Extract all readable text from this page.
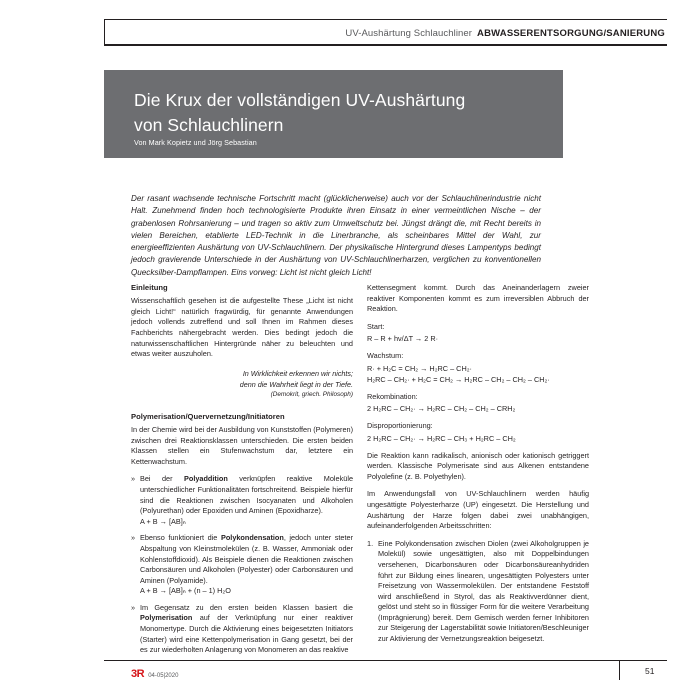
UV-Aushärtung Schlauchliner ABWASSERENTSORGUNG/SANIERUNG
Die Krux der vollständigen UV-Aushärtung
von Schlauchlinern
Von Mark Kopietz und Jörg Sebastian
Der rasant wachsende technische Fortschritt macht (glücklicherweise) auch vor der Schlauchlinerindustrie nicht Halt. Zunehmend finden hoch technologisierte Produkte ihren Einsatz in einer vermeintlichen Nische – der grabenlosen Rohrsanierung – und tragen so aktiv zum Umweltschutz bei. Jüngst drängt die, mit Recht bereits in vielen Bereichen, etablierte LED-Technik in die Linerbranche, als scheinbares Mittel der Wahl, zur energieeffizienten Aushärtung von UV-Schlauchlinern. Der physikalische Hintergrund dieses Lampentyps bedingt jedoch gravierende Unterschiede in der Aushärtung von UV-Schlauchlinerharzen, verglichen zu konventionellen Quecksilber-Dampflampen. Eins vorweg: Licht ist nicht gleich Licht!
Einleitung

Wissenschaftlich gesehen ist die aufgestellte These „Licht ist nicht gleich Licht!“ natürlich fragwürdig, für genannte Anwendungen jedoch vollends zutreffend und soll Ihnen im Rahmen dieses Fachberichts nähergebracht werden. Dies bedingt jedoch die naturwissenschaftlichen Hintergründe näher zu beleuchten und etwas weiter auszuholen.

In Wirklichkeit erkennen wir nichts;
denn die Wahrheit liegt in der Tiefe.
(Demokrit, griech. Philosoph)
Polymerisation/Quervernetzung/Initiatoren

In der Chemie wird bei der Ausbildung von Kunststoffen (Polymeren) zwischen drei Reaktionsklassen unterschieden. Die ersten beiden Klassen stellen ein Stufenwachstum dar, letztere ein Kettenwachstum.

» Bei der Polyaddition verknüpfen reaktive Moleküle unterschiedlicher Funktionalitäten fortschreitend. Beispiele hierfür sind die Reaktionen zwischen Isocyanaten und Alkoholen (Polyurethan) oder Epoxiden und Aminen (Epoxidharze).
A + B → [AB]ₙ
» Ebenso funktioniert die Polykondensation, jedoch unter steter Abspaltung von Kleinstmolekülen (z. B. Wasser, Ammoniak oder Kohlenstoffdioxid). Als Beispiele dienen die Reaktionen zwischen Carbonsäuren und Alkoholen (Polyester) oder Carbonsäuren und Aminen (Polyamide).
A + B → [AB]ₙ + (n – 1) H₂O
» Im Gegensatz zu den ersten beiden Klassen basiert die Polymerisation auf der Verknüpfung nur einer reaktiver Monomertype. Durch die Aktivierung eines beigesetzten Initiators (Starter) wird eine Kettenpolymerisation in Gang gesetzt, bei der es zur wiederholten Anlagerung von Monomeren an das reaktive

Kettensegment kommt. Durch das Aneinanderlagern zweier reaktiver Komponenten kommt es zum irreversiblen Abbruch der Reaktion.

Start:

R – R + hν/ΔT → 2 R·

Wachstum:

R· + H₂C = CH₂ → H₂RC – CH₂·
H₂RC – CH₂· + H₂C = CH₂ → H₂RC – CH₂ – CH₂ – CH₂·

Rekombination:

2 H₂RC – CH₂· → H₂RC – CH₂ – CH₂ – CRH₂

Disproportionierung:

2 H₂RC – CH₂· → H₂RC – CH₃ + H₂RC – CH₂

Die Reaktion kann radikalisch, anionisch oder kationisch getriggert werden. Klassische Polymerisate sind aus Alkenen entstandene Polyolefine (z. B. Polyethylen).

Im Anwendungsfall von UV-Schlauchlinern werden häufig ungesättigte Polyesterharze (UP) eingesetzt. Die Herstellung und Aushärtung der Harze folgen dabei zwei unabhängigen, aufeinanderfolgenden Arbeitsschritten:

Eine Polykondensation zwischen Diolen (zwei Alkoholgruppen je Molekül) sowie ungesättigten, also mit Doppelbindungen versehenen, Dicarbonsäuren oder Dicarbonsäureanhydriden führt zur Bildung eines linearen, ungesättigten Polyesters unter Freisetzung von Wassermolekülen. Der entstandene Feststoff wird anschließend in Styrol, das als Reaktivverdünner dient, gelöst und steht so in flüssiger Form für die weitere Verarbeitung (Imprägnierung) bereit. Dem Gemisch werden ferner Inhibitoren zur Steigerung der Lagerstabilität sowie Initiatoren/Beschleuniger zur Aktivierung der Vernetzungsreaktion beigesetzt.
3R 04-05|2020	51
